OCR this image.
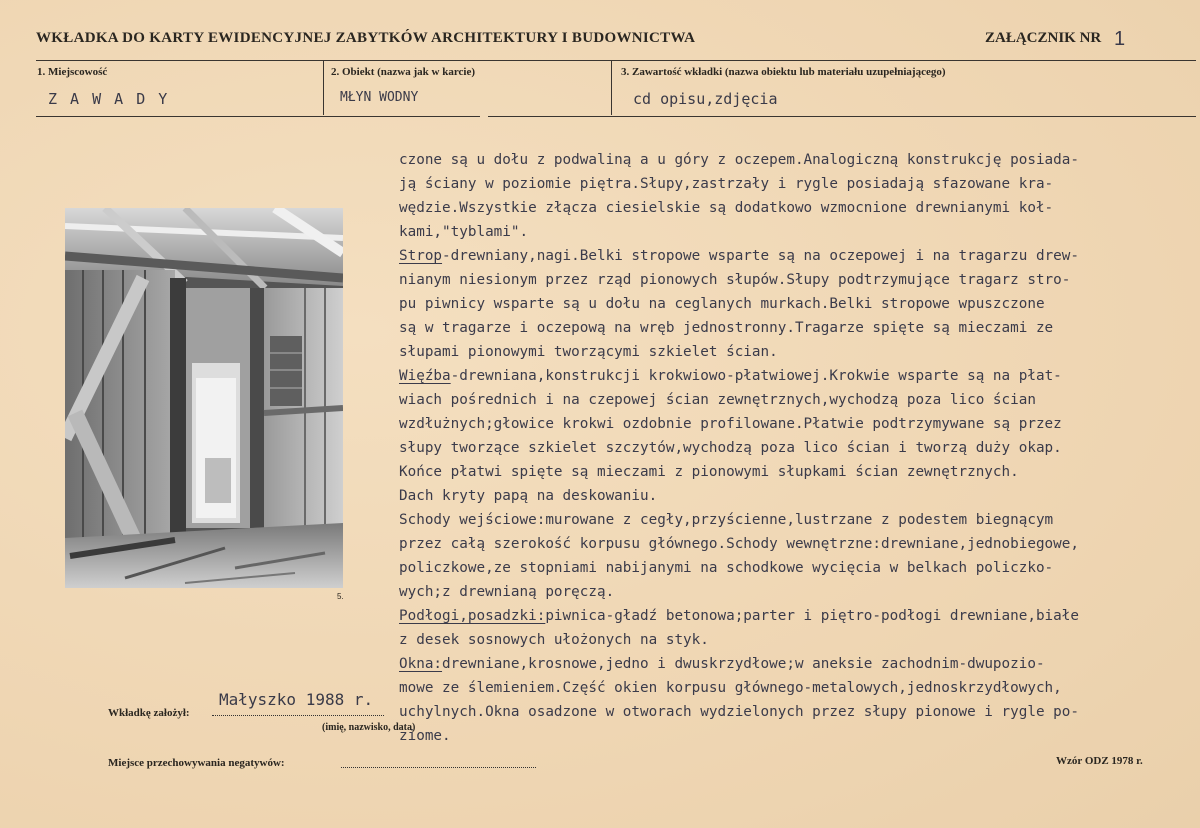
WKŁADKA DO KARTY EWIDENCYJNEJ ZABYTKÓW ARCHITEKTURY I BUDOWNICTWA	ZAŁĄCZNIK NR 1
1. Miejscowość
Z A W A D Y
2. Obiekt (nazwa jak w karcie)
MŁYN WODNY
3. Zawartość wkładki (nazwa obiektu lub materiału uzupełniającego)
cd opisu,zdjęcia
5.
czone są u dołu z podwaliną a u góry z oczepem.Analogiczną konstrukcję posiada-
ją ściany w poziomie piętra.Słupy,zastrzały i rygle posiadają sfazowane kra-
wędzie.Wszystkie złącza ciesielskie są dodatkowo wzmocnione drewnianymi koł-
kami,"tyblami".
Strop-drewniany,nagi.Belki stropowe wsparte są na oczepowej i na tragarzu drew-
nianym niesionym przez rząd pionowych słupów.Słupy podtrzymujące tragarz stro-
pu piwnicy wsparte są u dołu na ceglanych murkach.Belki stropowe wpuszczone
są w tragarze i oczepową na wręb jednostronny.Tragarze spięte są mieczami ze
słupami pionowymi tworzącymi szkielet ścian.
Więźba-drewniana,konstrukcji krokwiowo-płatwiowej.Krokwie wsparte są na płat-
wiach pośrednich i na czepowej ścian zewnętrznych,wychodzą poza lico ścian
wzdłużnych;głowice krokwi ozdobnie profilowane.Płatwie podtrzymywane są przez
słupy tworzące szkielet szczytów,wychodzą poza lico ścian i tworzą duży okap.
Końce płatwi spięte są mieczami z pionowymi słupkami ścian zewnętrznych.
Dach kryty papą na deskowaniu.
Schody wejściowe:murowane z cegły,przyścienne,lustrzane z podestem biegnącym
przez całą szerokość korpusu głównego.Schody wewnętrzne:drewniane,jednobiegowe,
policzkowe,ze stopniami nabijanymi na schodkowe wycięcia w belkach policzko-
wych;z drewnianą poręczą.
Podłogi,posadzki:piwnica-gładź betonowa;parter i piętro-podłogi drewniane,białe
z desek sosnowych ułożonych na styk.
Okna:drewniane,krosnowe,jedno i dwuskrzydłowe;w aneksie zachodnim-dwupozio-
mowe ze ślemieniem.Część okien korpusu głównego-metalowych,jednoskrzydłowych,
uchylnych.Okna osadzone w otworach wydzielonych przez słupy pionowe i rygle po-
ziome.
Wkładkę założył:
Małyszko 1988 r.
(imię, nazwisko, data)
Miejsce przechowywania negatywów:	Wzór ODZ 1978 r.
